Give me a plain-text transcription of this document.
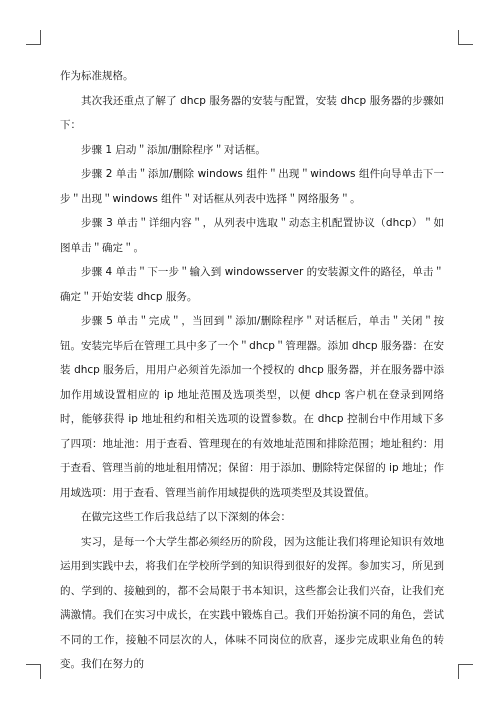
作为标准规格。

其次我还重点了解了 dhcp 服务器的安装与配置，安装 dhcp 服务器的步骤如下：

步骤 1 启动＂添加/删除程序＂对话框。

步骤 2 单击＂添加/删除 windows 组件＂出现＂windows 组件向导单击下一步＂出现＂windows 组件＂对话框从列表中选择＂网络服务＂。

步骤 3 单击＂详细内容＂，从列表中选取＂动态主机配置协议（dhcp）＂如图单击＂确定＂。

步骤 4 单击＂下一步＂输入到 windowsserver 的安装源文件的路径，单击＂确定＂开始安装 dhcp 服务。

步骤 5 单击＂完成＂，当回到＂添加/删除程序＂对话框后，单击＂关闭＂按钮。安装完毕后在管理工具中多了一个＂dhcp＂管理器。添加 dhcp 服务器：在安装 dhcp 服务后，用用户必须首先添加一个授权的 dhcp 服务器，并在服务器中添加作用域设置相应的 ip 地址范围及选项类型，以便 dhcp 客户机在登录到网络时，能够获得 ip 地址租约和相关选项的设置参数。在 dhcp 控制台中作用域下多了四项：地址池：用于查看、管理现在的有效地址范围和排除范围；地址租约：用于查看、管理当前的地址租用情况；保留：用于添加、删除特定保留的 ip 地址；作用域选项：用于查看、管理当前作用域提供的选项类型及其设置值。

在做完这些工作后我总结了以下深刻的体会：

实习，是每一个大学生都必须经历的阶段，因为这能让我们将理论知识有效地运用到实践中去，将我们在学校所学到的知识得到很好的发挥。参加实习，所见到的、学到的、接触到的，都不会局限于书本知识，这些都会让我们兴奋，让我们充满激情。我们在实习中成长，在实践中锻炼自己。我们开始扮演不同的角色，尝试不同的工作，接触不同层次的人，体味不同岗位的欣喜，逐步完成职业角色的转变。我们在努力的
